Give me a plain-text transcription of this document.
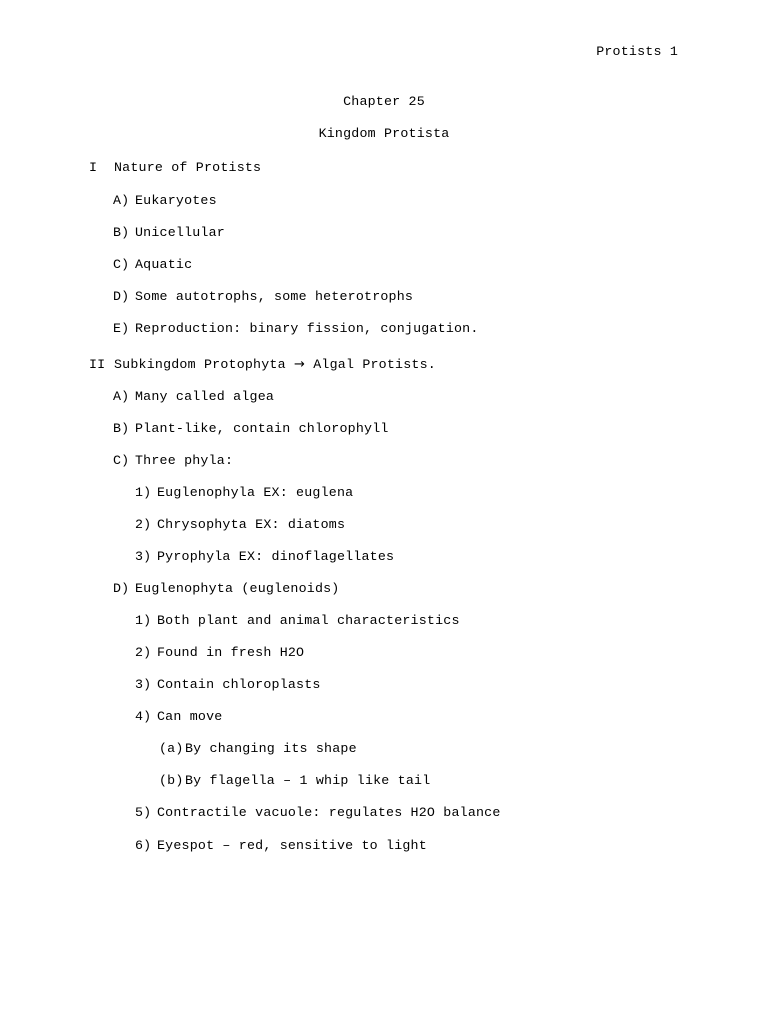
Protists 1
Chapter 25
Kingdom Protista
I Nature of Protists
A) Eukaryotes
B) Unicellular
C) Aquatic
D) Some autotrophs, some heterotrophs
E) Reproduction: binary fission, conjugation.
II Subkingdom Protophyta
→
Algal Protists.
A) Many called algea
B) Plant-like, contain chlorophyll
C) Three phyla:
1) Euglenophyla EX: euglena
2) Chrysophyta EX: diatoms
3) Pyrophyla EX: dinoflagellates
D) Euglenophyta (euglenoids)
1) Both plant and animal characteristics
2) Found in fresh H2O
3) Contain chloroplasts
4) Can move
(a) By changing its shape
(b) By flagella – 1 whip like tail
5) Contractile vacuole: regulates H2O balance
6) Eyespot – red, sensitive to light
